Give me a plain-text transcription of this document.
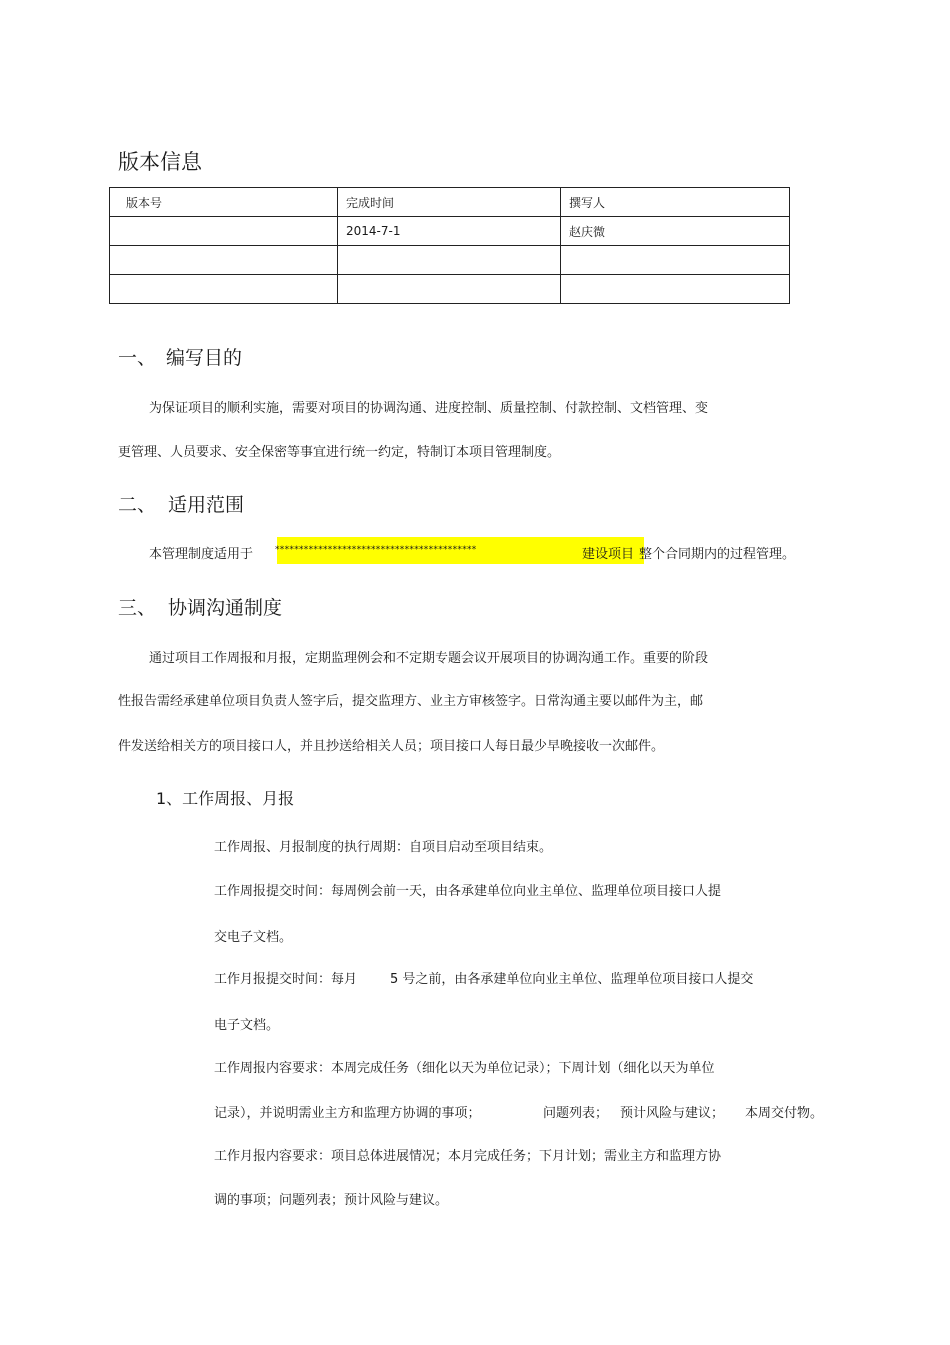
版本信息
版本号	完成时间	撰写人
	2014-7-1	赵庆微

一、 编写目的
为保证项目的顺利实施，需要对项目的协调沟通、进度控制、质量控制、付款控制、文档管理、变
更管理、人员要求、安全保密等事宜进行统一约定，特制订本项目管理制度。
二、 适用范围
本管理制度适用于 ******************************************	建设项目 整个合同期内的过程管理。
三、 协调沟通制度
通过项目工作周报和月报，定期监理例会和不定期专题会议开展项目的协调沟通工作。重要的阶段
性报告需经承建单位项目负责人签字后，提交监理方、业主方审核签字。日常沟通主要以邮件为主，邮
件发送给相关方的项目接口人，并且抄送给相关人员；项目接口人每日最少早晚接收一次邮件。
1、工作周报、月报
工作周报、月报制度的执行周期：自项目启动至项目结束。
工作周报提交时间：每周例会前一天，由各承建单位向业主单位、监理单位项目接口人提
交电子文档。
工作月报提交时间：每月	5 号之前，由各承建单位向业主单位、监理单位项目接口人提交
电子文档。
工作周报内容要求：本周完成任务（细化以天为单位记录）；下周计划（细化以天为单位
记录），并说明需业主方和监理方协调的事项；	问题列表； 预计风险与建议； 本周交付物。
工作月报内容要求：项目总体进展情况；本月完成任务；下月计划；需业主方和监理方协
调的事项；问题列表；预计风险与建议。
